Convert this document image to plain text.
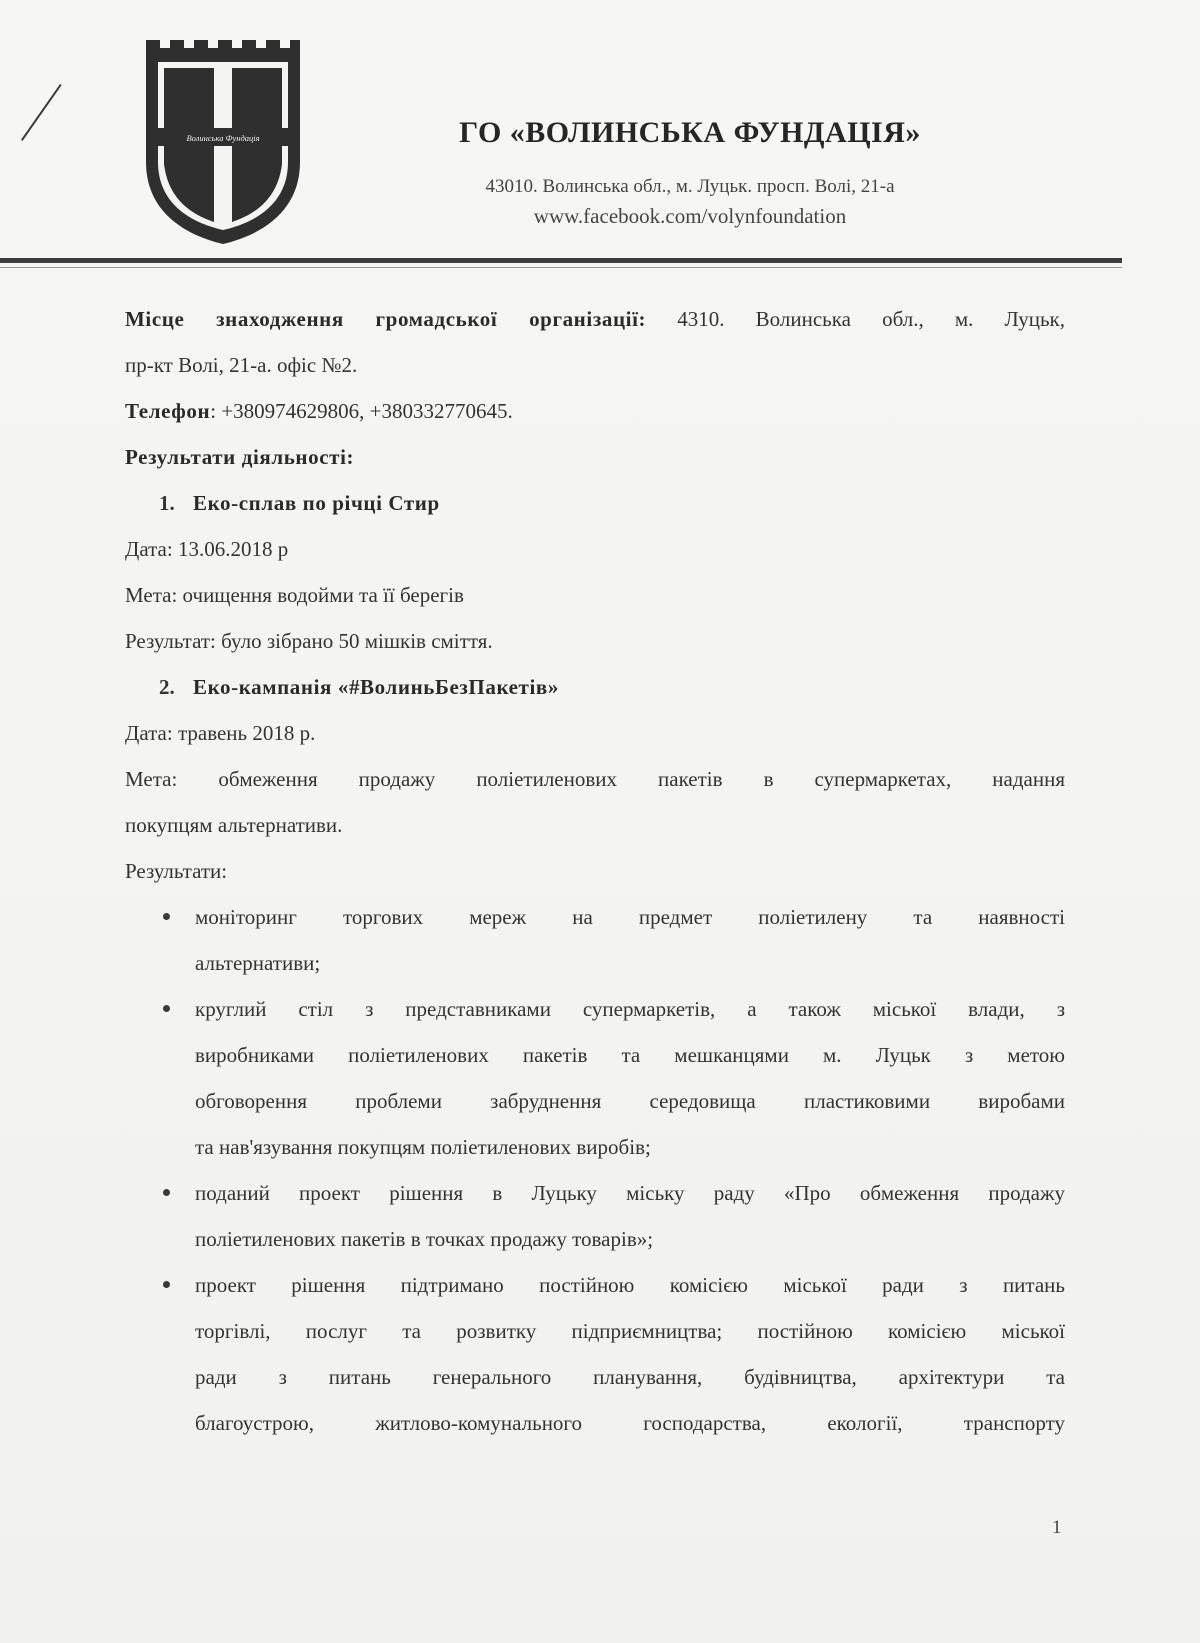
Волинська Фундація	ГО «ВОЛИНСЬКА ФУНДАЦІЯ»
43010. Волинська обл., м. Луцьк. просп. Волі, 21-а
www.facebook.com/volynfoundation
Місце знаходження громадської організації: 4310. Волинська обл., м. Луцьк,
пр-кт Волі, 21-а. офіс №2.
Телефон: +380974629806, +380332770645.
Результати діяльності:
1. Еко-сплав по річці Стир
Дата: 13.06.2018 р
Мета: очищення водойми та її берегів
Результат: було зібрано 50 мішків сміття.
2. Еко-кампанія «#ВолиньБезПакетів»
Дата: травень 2018 р.
Мета: обмеження продажу поліетиленових пакетів в супермаркетах, надання
покупцям альтернативи.
Результати:
моніторинг торгових мереж на предмет поліетилену та наявності
альтернативи;
круглий стіл з представниками супермаркетів, а також міської влади, з
виробниками поліетиленових пакетів та мешканцями м. Луцьк з метою
обговорення проблеми забруднення середовища пластиковими виробами
та нав'язування покупцям поліетиленових виробів;
поданий проект рішення в Луцьку міську раду «Про обмеження продажу
поліетиленових пакетів в точках продажу товарів»;
проект рішення підтримано постійною комісією міської ради з питань
торгівлі, послуг та розвитку підприємництва; постійною комісією міської
ради з питань генерального планування, будівництва, архітектури та
благоустрою, житлово-комунального господарства, екології, транспорту
1
